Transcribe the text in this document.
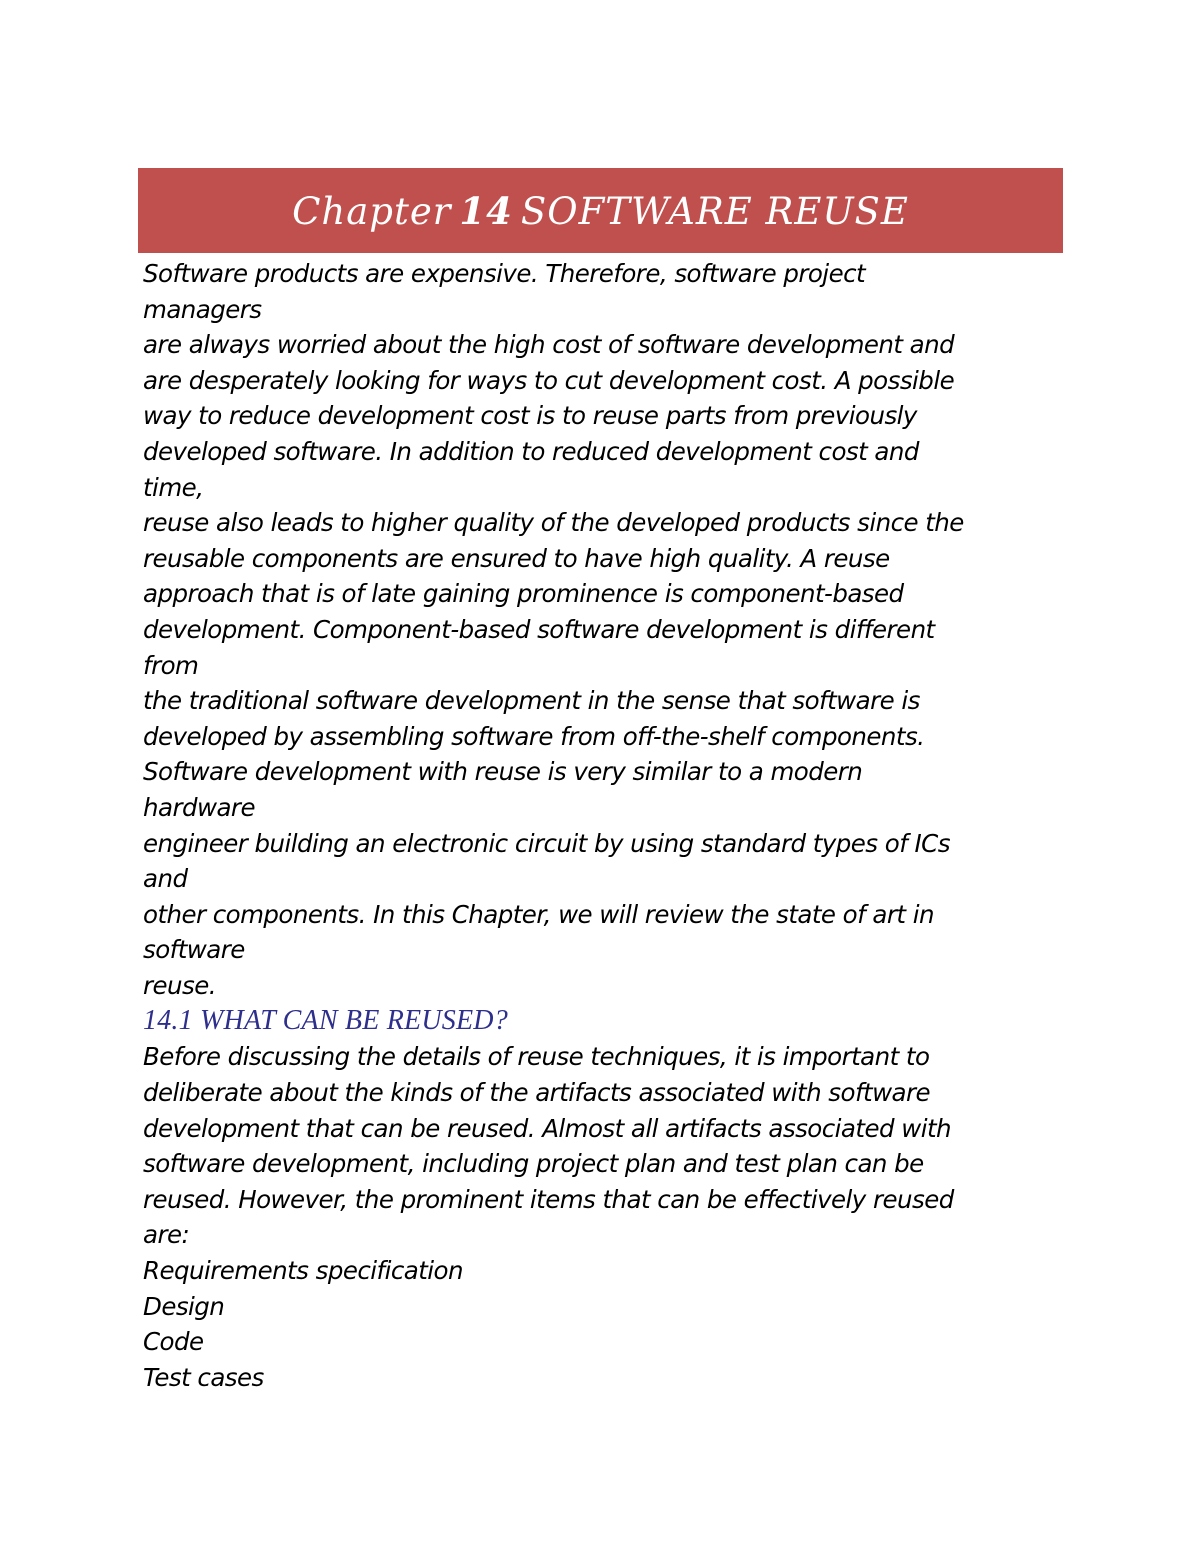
Chapter 14 SOFTWARE REUSE
Software products are expensive. Therefore, software project
managers
are always worried about the high cost of software development and
are desperately looking for ways to cut development cost. A possible
way to reduce development cost is to reuse parts from previously
developed software. In addition to reduced development cost and
time,
reuse also leads to higher quality of the developed products since the
reusable components are ensured to have high quality. A reuse
approach that is of late gaining prominence is component-based
development. Component-based software development is different
from
the traditional software development in the sense that software is
developed by assembling software from off-the-shelf components.
Software development with reuse is very similar to a modern
hardware
engineer building an electronic circuit by using standard types of ICs
and
other components. In this Chapter, we will review the state of art in
software
reuse.
14.1 WHAT CAN BE REUSED?
Before discussing the details of reuse techniques, it is important to
deliberate about the kinds of the artifacts associated with software
development that can be reused. Almost all artifacts associated with
software development, including project plan and test plan can be
reused. However, the prominent items that can be effectively reused
are:
Requirements specification
Design
Code
Test cases
